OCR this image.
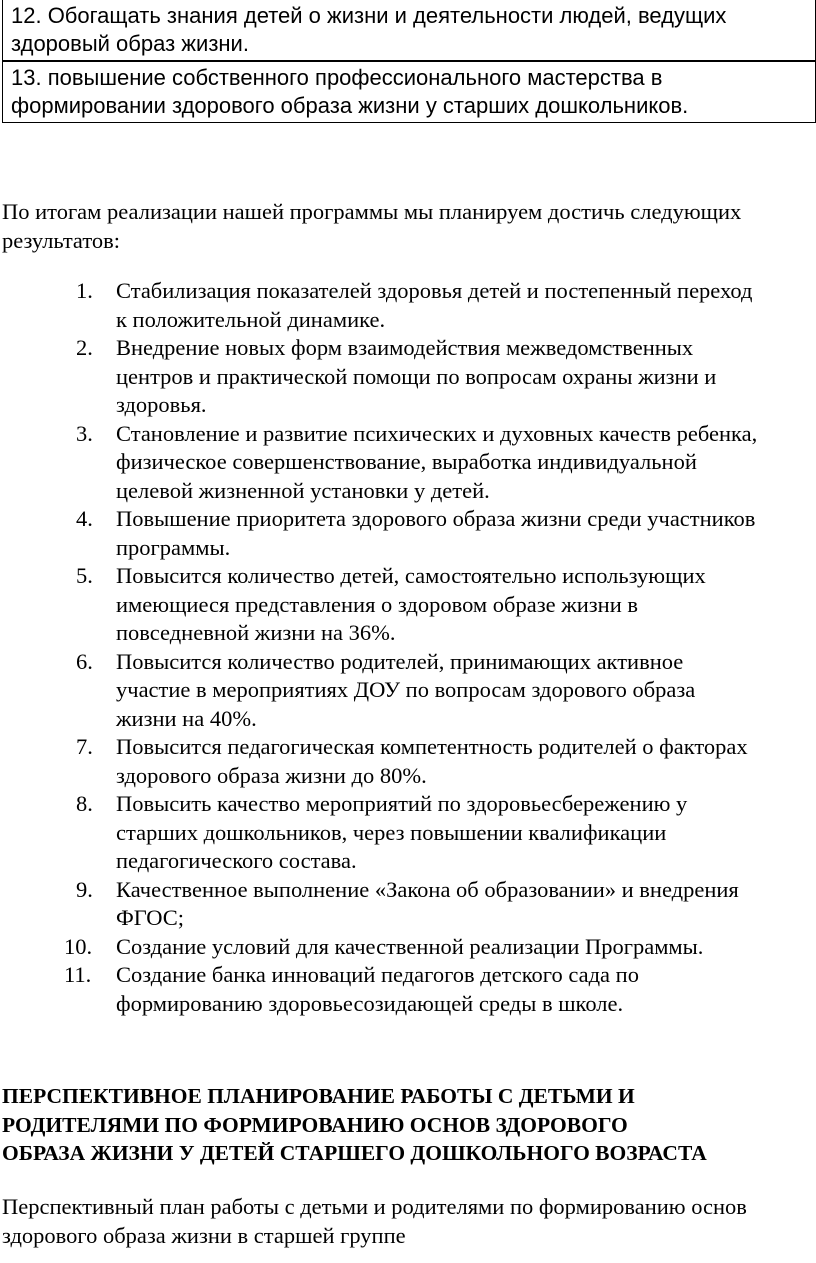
12. Обогащать знания детей о жизни и деятельности людей, ведущих
здоровый образ жизни.
13. повышение собственного профессионального мастерства в
формировании здорового образа жизни у старших дошкольников.
По итогам реализации нашей программы мы планируем достичь следующих
результатов:
1. Стабилизация показателей здоровья детей и постепенный переход
к положительной динамике.
2. Внедрение новых форм взаимодействия межведомственных
центров и практической помощи по вопросам охраны жизни и
здоровья.
3. Становление и развитие психических и духовных качеств ребенка,
физическое совершенствование, выработка индивидуальной
целевой жизненной установки у детей.
4. Повышение приоритета здорового образа жизни среди участников
программы.
5. Повысится количество детей, самостоятельно использующих
имеющиеся представления о здоровом образе жизни в
повседневной жизни на 36%.
6. Повысится количество родителей, принимающих активное
участие в мероприятиях ДОУ по вопросам здорового образа
жизни на 40%.
7. Повысится педагогическая компетентность родителей о факторах
здорового образа жизни до 80%.
8. Повысить качество мероприятий по здоровьесбережению у
старших дошкольников, через повышении квалификации
педагогического состава.
9. Качественное выполнение «Закона об образовании» и внедрения
ФГОС;
10. Создание условий для качественной реализации Программы.
11. Создание банка инноваций педагогов детского сада по
формированию здоровьесозидающей среды в школе.
ПЕРСПЕКТИВНОЕ ПЛАНИРОВАНИЕ РАБОТЫ С ДЕТЬМИ И
РОДИТЕЛЯМИ ПО ФОРМИРОВАНИЮ ОСНОВ ЗДОРОВОГО
ОБРАЗА ЖИЗНИ У ДЕТЕЙ СТАРШЕГО ДОШКОЛЬНОГО ВОЗРАСТА
Перспективный план работы с детьми и родителями по формированию основ
здорового образа жизни в старшей группе
